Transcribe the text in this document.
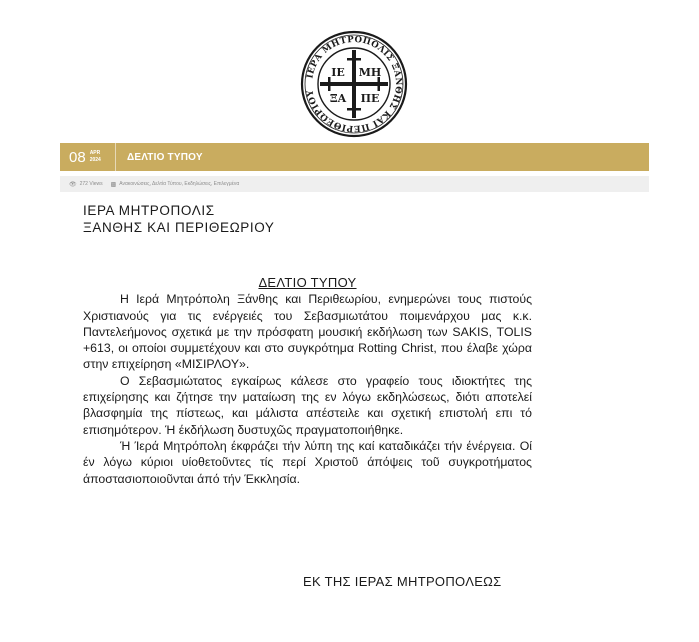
ΙΕΡΑ ΜΗΤΡΟΠΟΛΙΣ ΞΑΝΘΗΣ ΚΑΙ ΠΕΡΙΘΕΩΡΙΟΥ
ΙΕ ΜΗ
ΞΑ ΠΕ
08 APR
2024	ΔΕΛΤΙΟ ΤΥΠΟΥ
👁 272 Views ▩ Ανακοινώσεις, Δελτία Τύπου, Εκδηλώσεις, Επιλεγμένα
ΙΕΡΑ ΜΗΤΡΟΠΟΛΙΣ
ΞΑΝΘΗΣ ΚΑΙ ΠΕΡΙΘΕΩΡΙΟΥ
ΔΕΛΤΙΟ ΤΥΠΟΥ

Η Ιερά Μητρόπολη Ξάνθης και Περιθεωρίου, ενημερώνει τους πιστούς Χριστιανούς για τις ενέργειές του Σεβασμιωτάτου ποιμενάρχου μας κ.κ. Παντελεήμονος σχετικά με την πρόσφατη μουσική εκδήλωση των SAKIS, TOLIS +613, οι οποίοι συμμετέχουν και στο συγκρότημα Rotting Christ, που έλαβε χώρα στην επιχείρηση «ΜΙΣΙΡΛΟΥ».

Ο Σεβασμιώτατος εγκαίρως κάλεσε στο γραφείο τους ιδιοκτήτες της επιχείρησης και ζήτησε την ματαίωση της εν λόγω εκδηλώσεως, διότι αποτελεί βλασφημία της πίστεως, και μάλιστα απέστειλε και σχετική επιστολή επι τό επισημότερον. Ή έκδήλωση δυστυχῶς πραγματοποιήθηκε.

Ή Ίερά Μητρόπολη έκφράζει τήν λύπη της καί καταδικάζει τήν ένέργεια. Οί έν λόγω κύριοι υίοθετοῦντες τίς περί Χριστοῦ άπόψεις τοῦ συγκροτήματος άποστασιοποιοῦνται άπό τήν Έκκλησία.

ΕΚ ΤΗΣ ΙΕΡΑΣ ΜΗΤΡΟΠΟΛΕΩΣ
